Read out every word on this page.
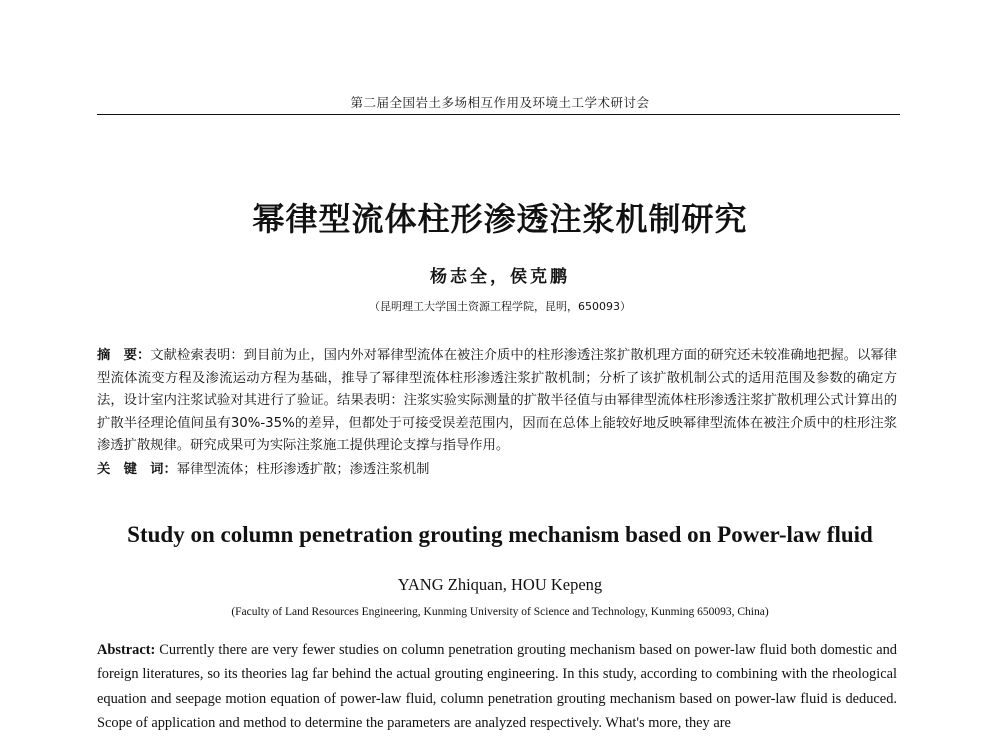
第二届全国岩土多场相互作用及环境土工学术研讨会
幂律型流体柱形渗透注浆机制研究
杨志全，侯克鹏
（昆明理工大学国土资源工程学院，昆明，650093）
摘　要：文献检索表明：到目前为止，国内外对幂律型流体在被注介质中的柱形渗透注浆扩散机理方面的研究还未较准确地把握。以幂律型流体流变方程及渗流运动方程为基础，推导了幂律型流体柱形渗透注浆扩散机制；分析了该扩散机制公式的适用范围及参数的确定方法，设计室内注浆试验对其进行了验证。结果表明：注浆实验实际测量的扩散半径值与由幂律型流体柱形渗透注浆扩散机理公式计算出的扩散半径理论值间虽有30%-35%的差异，但都处于可接受误差范围内，因而在总体上能较好地反映幂律型流体在被注介质中的柱形注浆渗透扩散规律。研究成果可为实际注浆施工提供理论支撑与指导作用。
关　键　词：幂律型流体；柱形渗透扩散；渗透注浆机制
Study on column penetration grouting mechanism based on Power-law fluid
YANG Zhiquan, HOU Kepeng
(Faculty of Land Resources Engineering, Kunming University of Science and Technology, Kunming 650093, China)
Abstract: Currently there are very fewer studies on column penetration grouting mechanism based on power-law fluid both domestic and foreign literatures, so its theories lag far behind the actual grouting engineering. In this study, according to combining with the rheological equation and seepage motion equation of power-law fluid, column penetration grouting mechanism based on power-law fluid is deduced. Scope of application and method to determine the parameters are analyzed respectively. What's more, they are
